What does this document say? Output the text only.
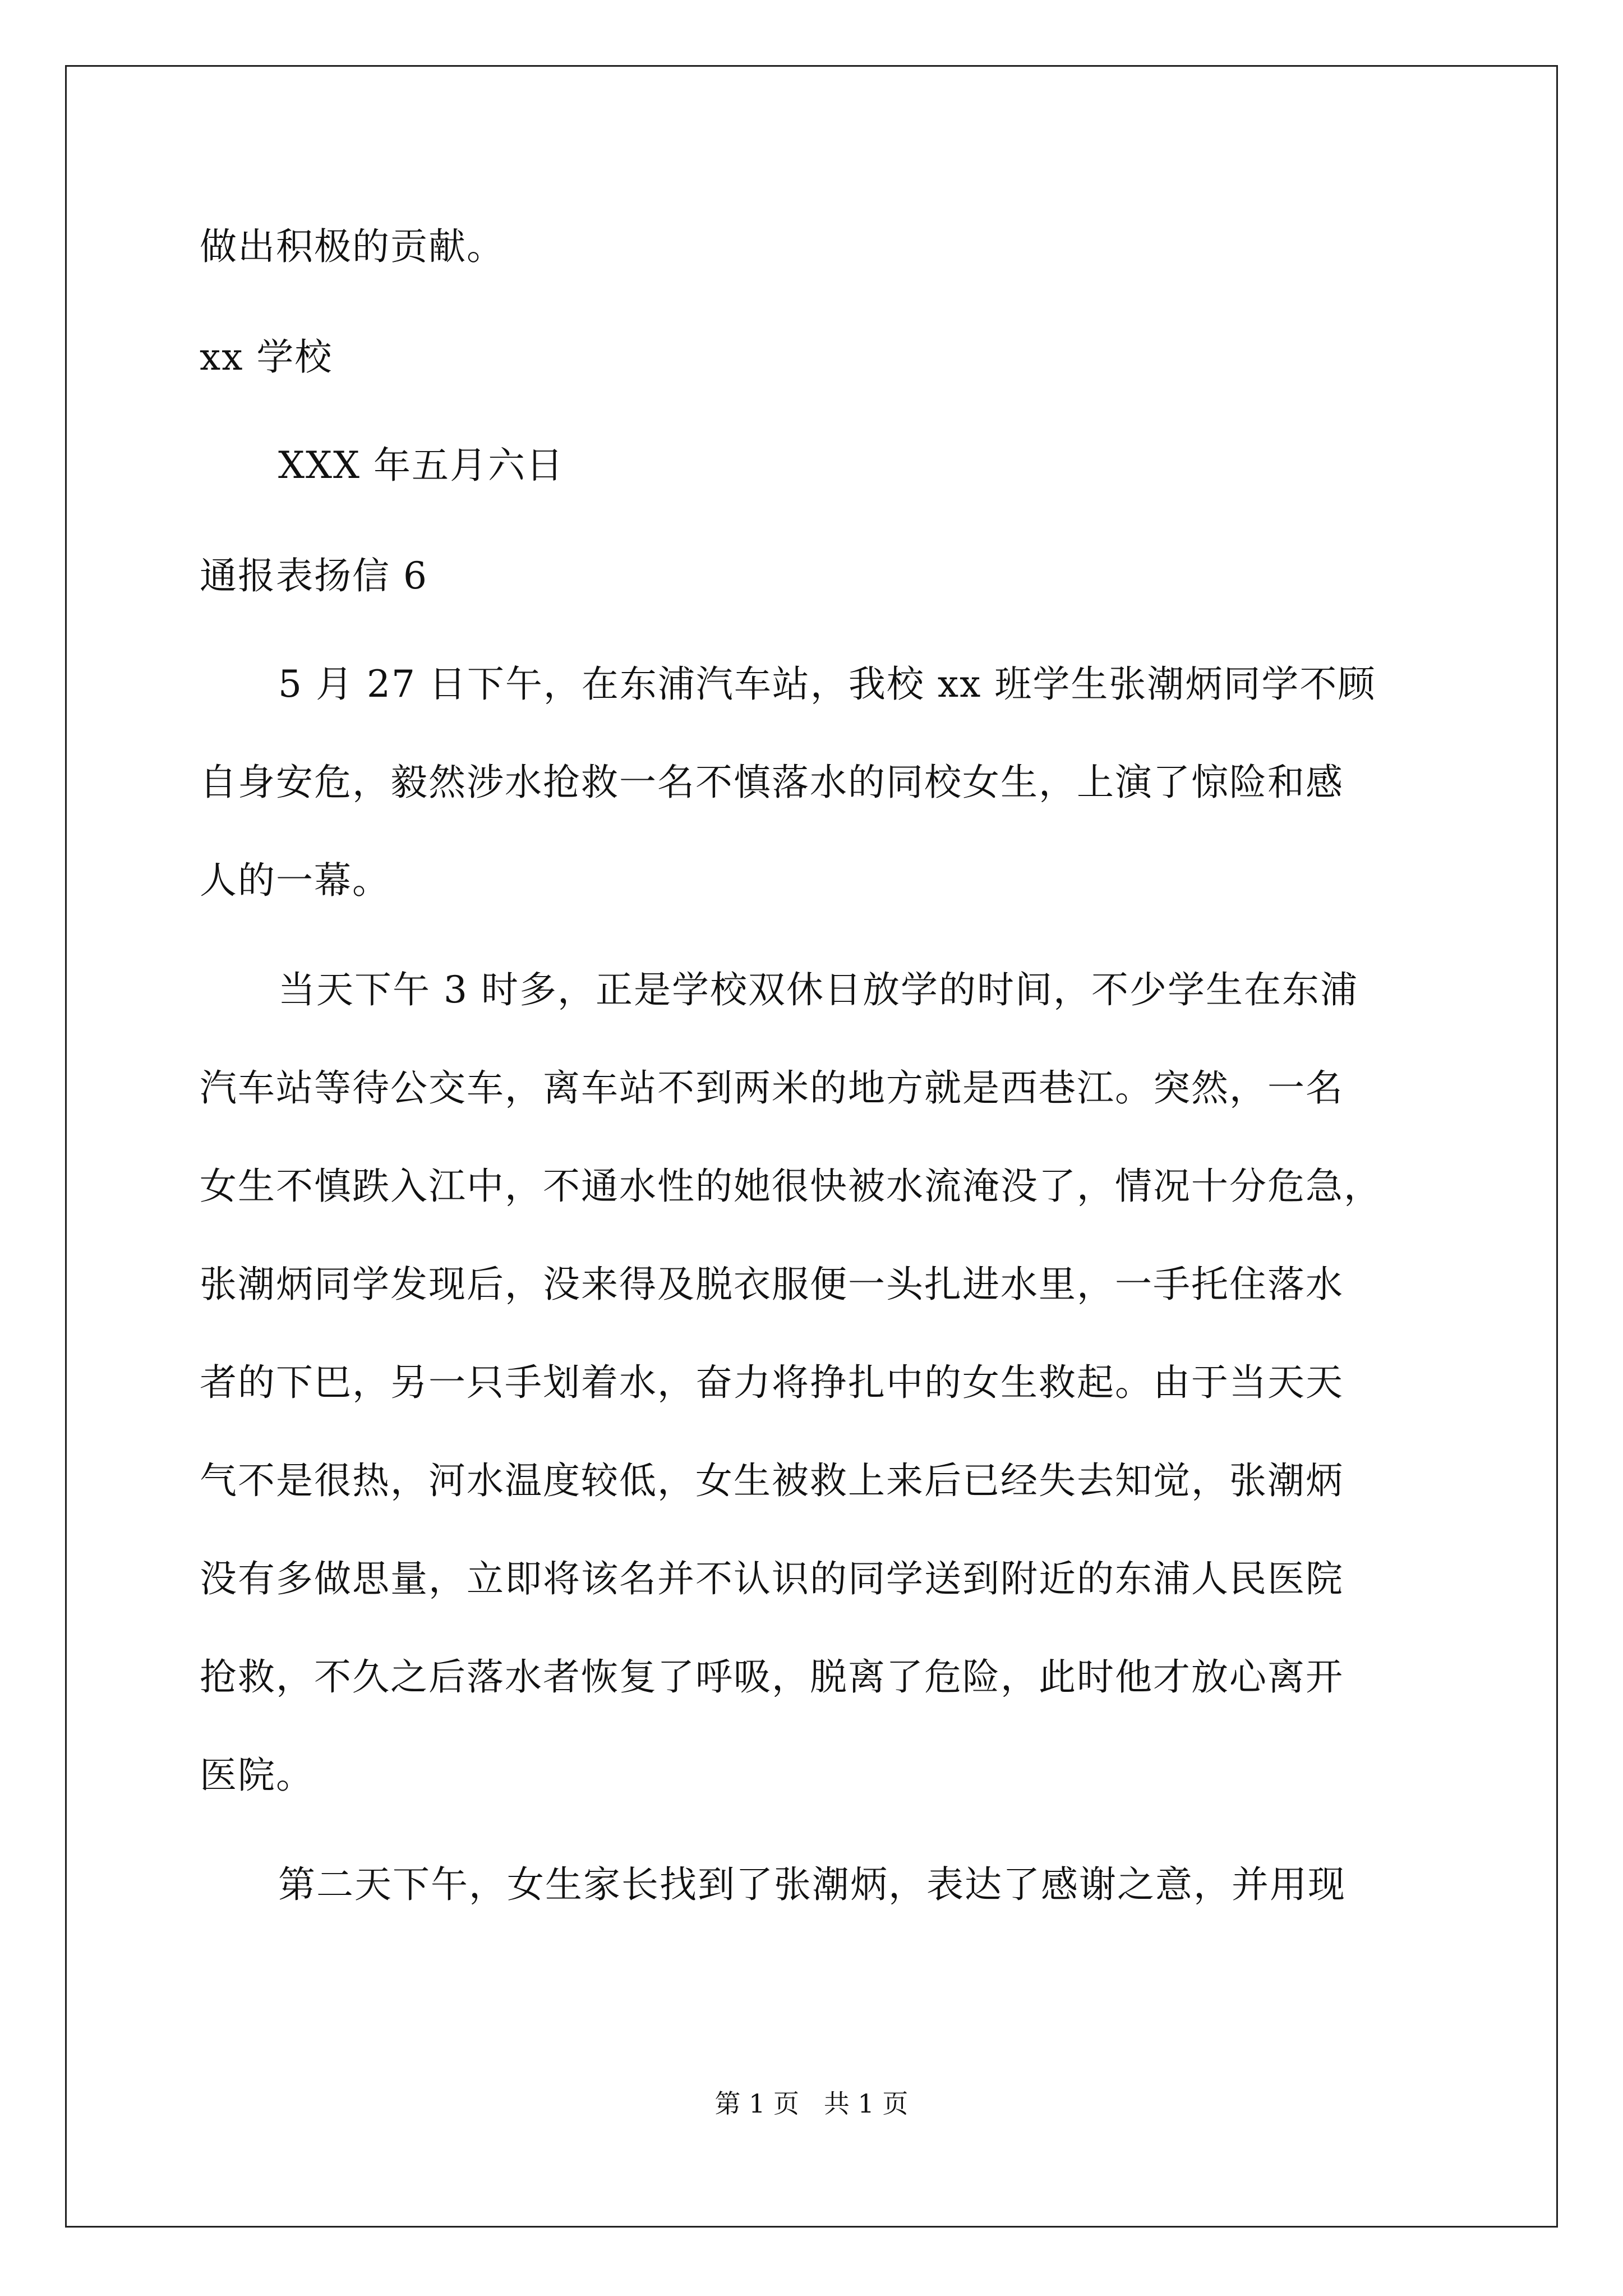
做出积极的贡献。
xx 学校
XXX 年五月六日
通报表扬信 6
5 月 27 日下午，在东浦汽车站，我校 xx 班学生张潮炳同学不顾
自身安危，毅然涉水抢救一名不慎落水的同校女生，上演了惊险和感
人的一幕。
当天下午 3 时多，正是学校双休日放学的时间，不少学生在东浦
汽车站等待公交车，离车站不到两米的地方就是西巷江。突然，一名
女生不慎跌入江中，不通水性的她很快被水流淹没了，情况十分危急，
张潮炳同学发现后，没来得及脱衣服便一头扎进水里，一手托住落水
者的下巴，另一只手划着水，奋力将挣扎中的女生救起。由于当天天
气不是很热，河水温度较低，女生被救上来后已经失去知觉，张潮炳
没有多做思量，立即将该名并不认识的同学送到附近的东浦人民医院
抢救，不久之后落水者恢复了呼吸，脱离了危险，此时他才放心离开
医院。
第二天下午，女生家长找到了张潮炳，表达了感谢之意，并用现
第 1 页   共 1 页
